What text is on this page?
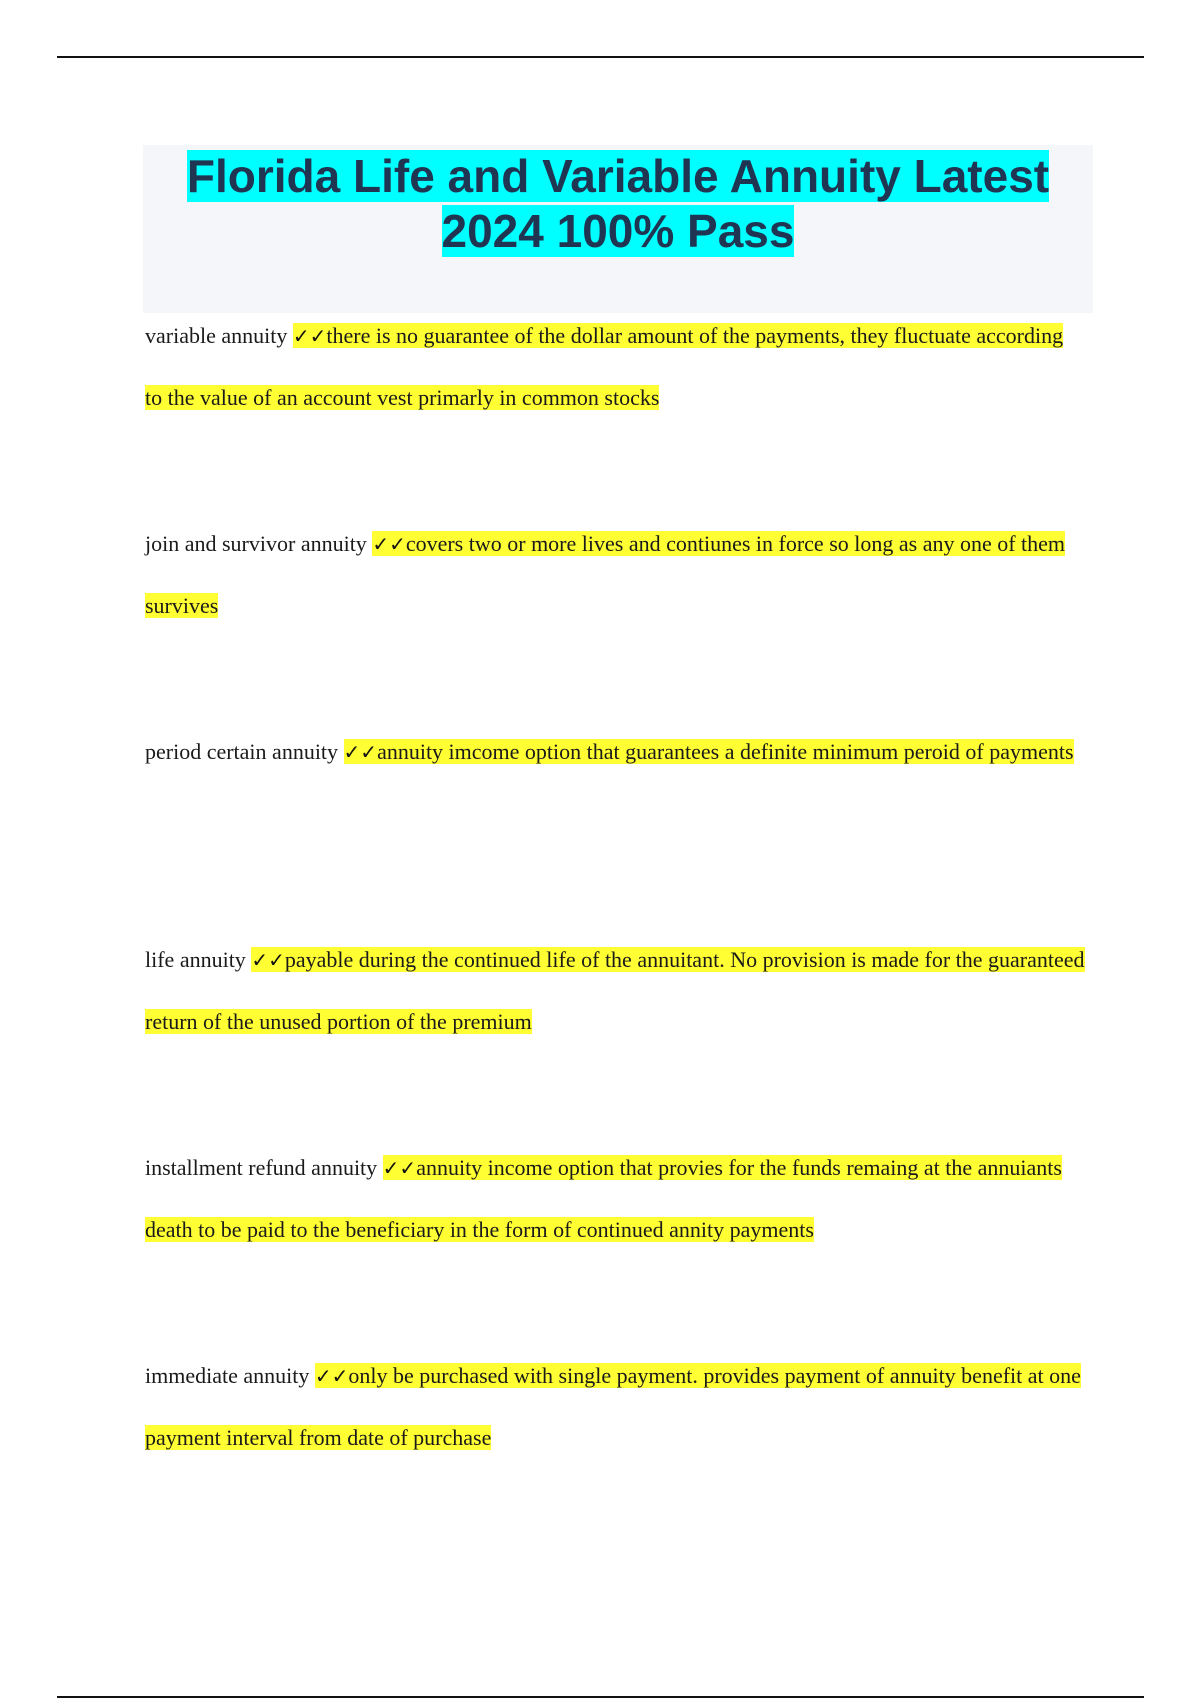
Florida Life and Variable Annuity Latest 2024 100% Pass

variable annuity ✓✓there is no guarantee of the dollar amount of the payments, they fluctuate according to the value of an account vest primarly in common stocks

join and survivor annuity ✓✓covers two or more lives and contiunes in force so long as any one of them survives

period certain annuity ✓✓annuity imcome option that guarantees a definite minimum peroid of payments

life annuity ✓✓payable during the continued life of the annuitant. No provision is made for the guaranteed return of the unused portion of the premium

installment refund annuity ✓✓annuity income option that provies for the funds remaing at the annuiants death to be paid to the beneficiary in the form of continued annity payments

immediate annuity ✓✓only be purchased with single payment. provides payment of annuity benefit at one payment interval from date of purchase
